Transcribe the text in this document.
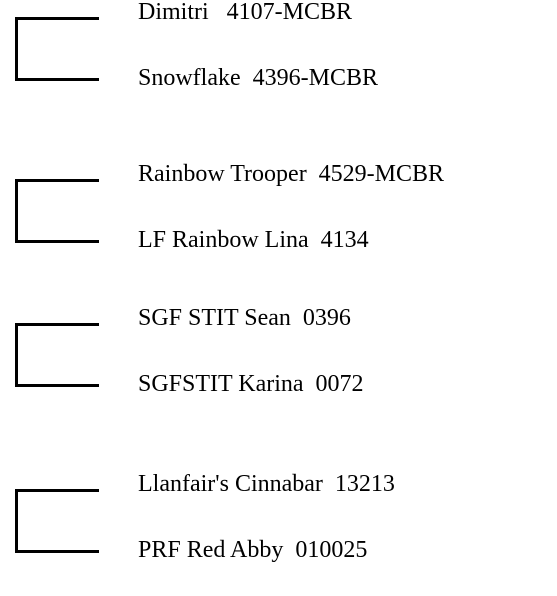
Dimitri   4107-MCBR
Snowflake  4396-MCBR
Rainbow Trooper  4529-MCBR
LF Rainbow Lina  4134
SGF STIT Sean  0396
SGFSTIT Karina  0072
Llanfair's Cinnabar  13213
PRF Red Abby  010025
